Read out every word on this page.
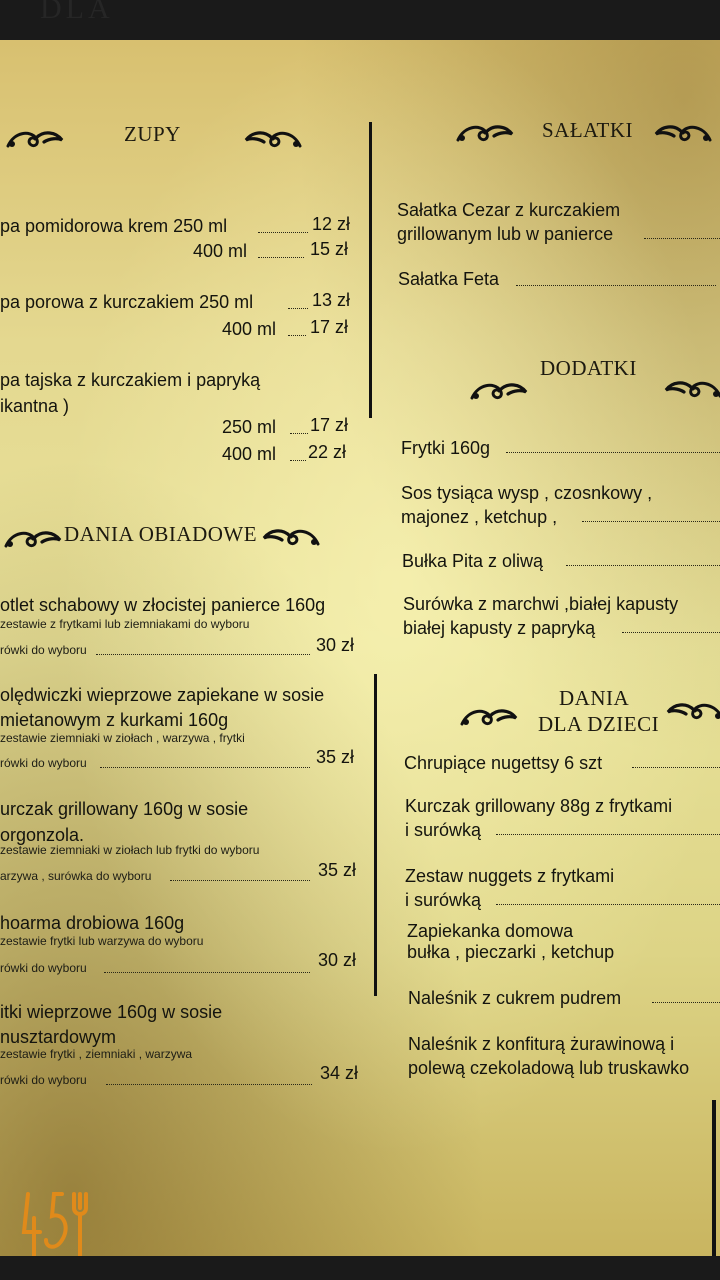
DLA
ZUPY
pa pomidorowa krem 250 ml	12 zł
400 ml	15 zł
pa porowa z kurczakiem 250 ml	13 zł
400 ml 17 zł
pa tajska z kurczakiem i papryką
ikantna )
250 ml 17 zł
400 ml 22 zł
DANIA OBIADOWE
otlet schabowy w złocistej panierce 160g
zestawie z frytkami lub ziemniakami do wyboru
rówki do wyboru	30 zł
olędwiczki wieprzowe zapiekane w sosie
mietanowym z kurkami 160g
zestawie ziemniaki w ziołach , warzywa , frytki
rówki do wyboru	35 zł
urczak grillowany 160g w sosie
orgonzola.
zestawie ziemniaki w ziołach lub frytki do wyboru
arzywa , surówka do wyboru	35 zł
hoarma drobiowa 160g
zestawie frytki lub warzywa do wyboru
rówki do wyboru	30 zł
itki wieprzowe 160g w sosie
nusztardowym
zestawie frytki , ziemniaki , warzywa
rówki do wyboru	34 zł
SAŁATKI
Sałatka Cezar z kurczakiem
grillowanym lub w panierce
Sałatka Feta
DODATKI
Frytki 160g
Sos tysiąca wysp , czosnkowy ,
majonez , ketchup ,
Bułka Pita z oliwą
Surówka z marchwi ,białej kapusty
białej kapusty z papryką
DANIA
DLA DZIECI
Chrupiące nugettsy 6 szt
Kurczak grillowany 88g z frytkami
i surówką
Zestaw nuggets z frytkami
i surówką
Zapiekanka domowa
bułka , pieczarki , ketchup
Naleśnik z cukrem pudrem
Naleśnik z konfiturą żurawinową i
polewą czekoladową lub truskawko
